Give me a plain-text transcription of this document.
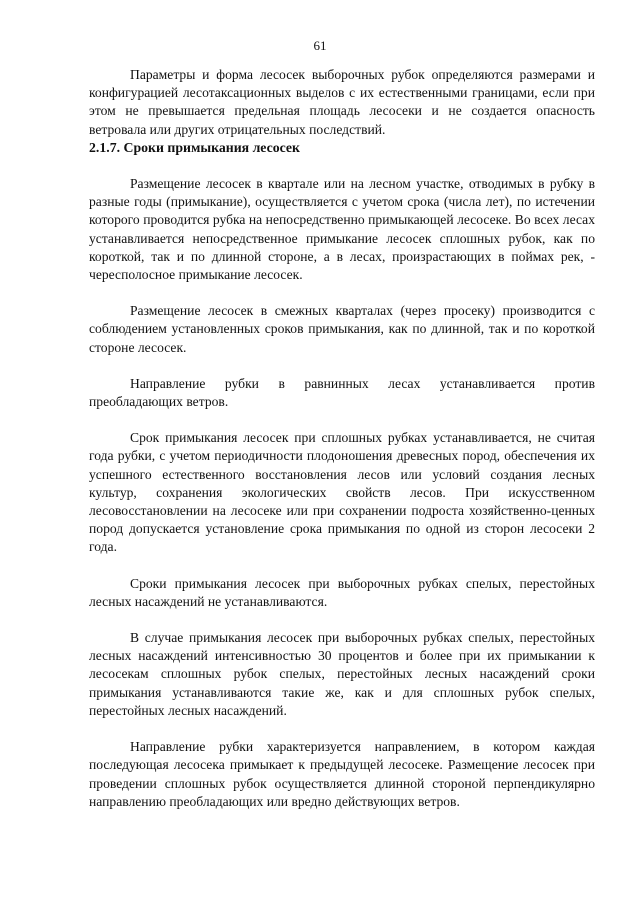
61

Параметры и форма лесосек выборочных рубок определяются размерами и конфигурацией лесотаксационных выделов с их естественными границами, если при этом не превышается предельная площадь лесосеки и не создается опасность ветровала или других отрицательных последствий.

2.1.7. Сроки примыкания лесосек

Размещение лесосек в квартале или на лесном участке, отводимых в рубку в разные годы (примыкание), осуществляется с учетом срока (числа лет), по истечении которого проводится рубка на непосредственно примыкающей лесосеке. Во всех лесах устанавливается непосредственное примыкание лесосек сплошных рубок, как по короткой, так и по длинной стороне, а в лесах, произрастающих в поймах рек, - чересполосное примыкание лесосек.

Размещение лесосек в смежных кварталах (через просеку) производится с соблюдением установленных сроков примыкания, как по длинной, так и по короткой стороне лесосек.

Направление рубки в равнинных лесах устанавливается против преобладающих ветров.

Срок примыкания лесосек при сплошных рубках устанавливается, не считая года рубки, с учетом периодичности плодоношения древесных пород, обеспечения их успешного естественного восстановления лесов или условий создания лесных культур, сохранения экологических свойств лесов. При искусственном лесовосстановлении на лесосеке или при сохранении подроста хозяйственно-ценных пород допускается установление срока примыкания по одной из сторон лесосеки 2 года.

Сроки примыкания лесосек при выборочных рубках спелых, перестойных лесных насаждений не устанавливаются.

В случае примыкания лесосек при выборочных рубках спелых, перестойных лесных насаждений интенсивностью 30 процентов и более при их примыкании к лесосекам сплошных рубок спелых, перестойных лесных насаждений сроки примыкания устанавливаются такие же, как и для сплошных рубок спелых, перестойных лесных насаждений.

Направление рубки характеризуется направлением, в котором каждая последующая лесосека примыкает к предыдущей лесосеке. Размещение лесосек при проведении сплошных рубок осуществляется длинной стороной перпендикулярно направлению преобладающих или вредно действующих ветров.
